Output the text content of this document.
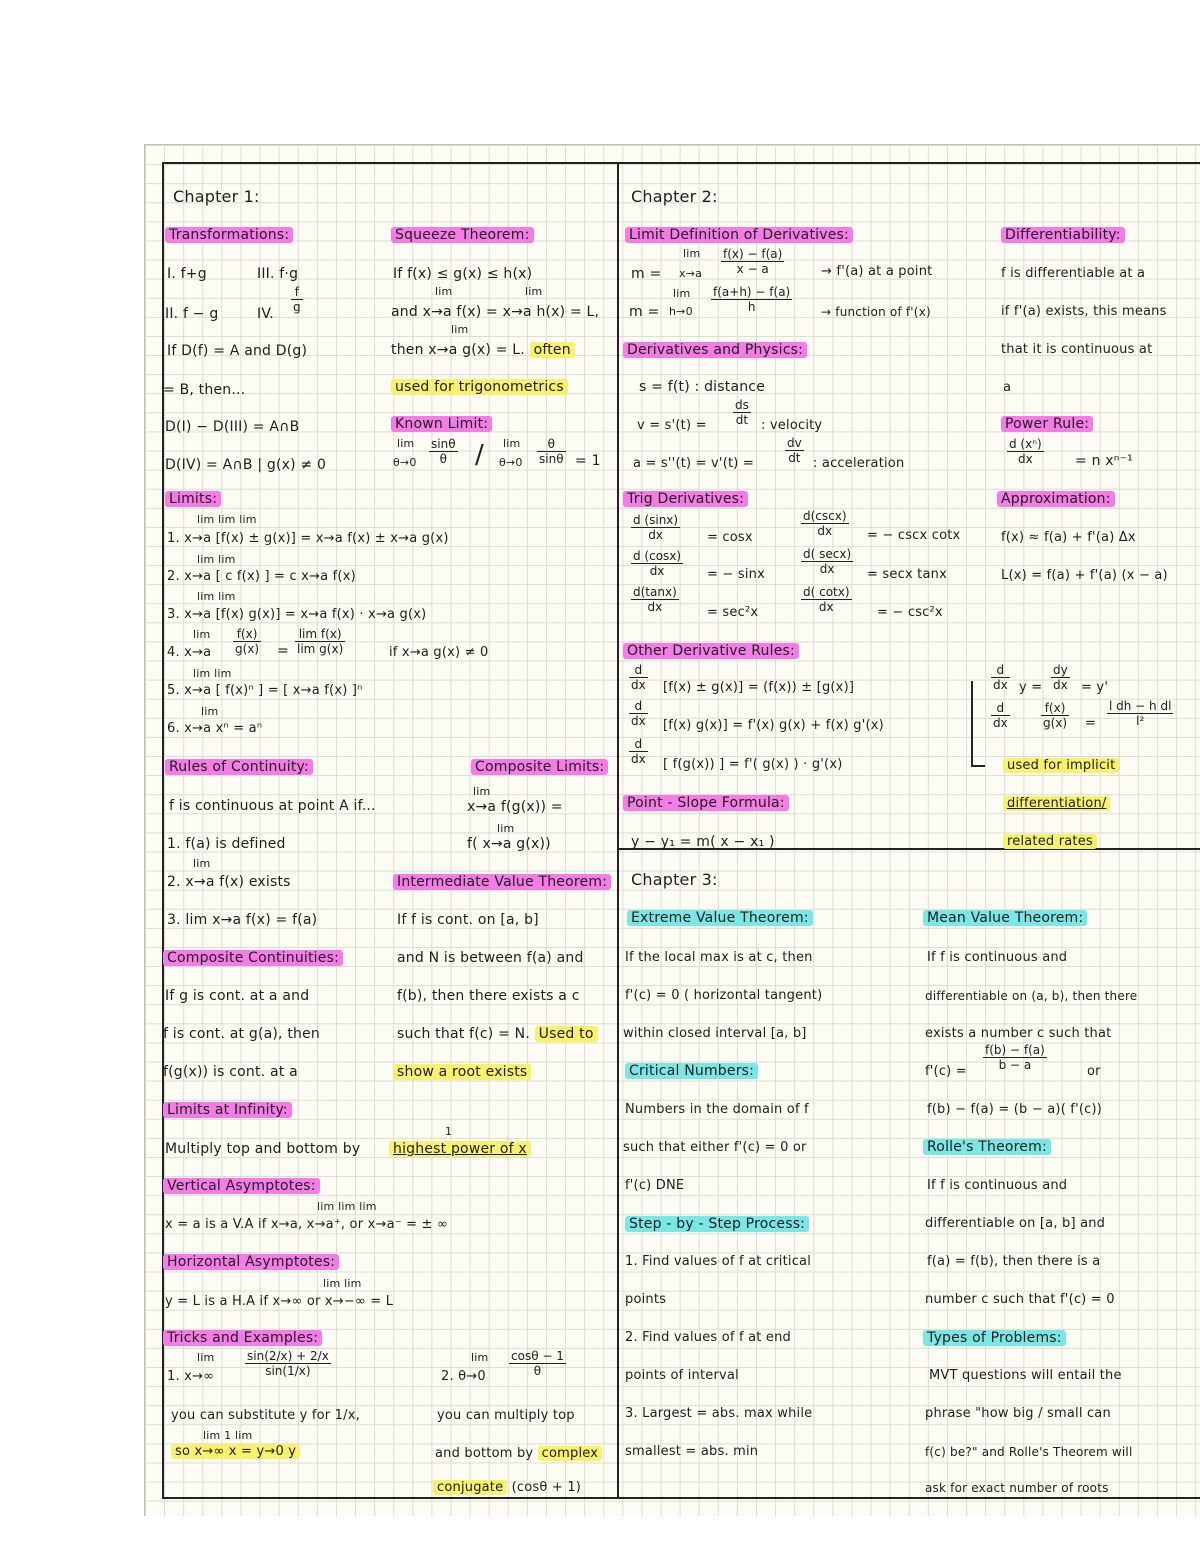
Chapter 1:
Transformations:
I. f+g	III. f·g
II. f − g	IV. $\frac{f}{g}$
If D(f) = A and D(g)
= B, then...
D(I) − D(III) = A∩B
D(IV) = A∩B | g(x) ≠ 0
Squeeze Theorem:
If f(x) ≤ g(x) ≤ h(x)
lim	lim
and x→a f(x) = x→a h(x) = L,
lim
then x→a g(x) = L. often
used for trigonometrics
Known Limit:
lim
$\theta\to 0 \frac{\sin\theta}{\theta} / \lim$
$\theta\to 0 \frac{\theta}{\sin\theta} = 1$
Limits:
lim lim lim
1. x→a [f(x) ± g(x)] = x→a f(x) ± x→a g(x)
lim lim
2. x→a [ c f(x) ] = c x→a f(x)
lim lim
3. x→a [f(x) g(x)] = x→a f(x) · x→a g(x)
lim
4. $x\to a \frac{f(x)}{g(x)} = \frac{\text{lim f(x)}}{\text{lim g(x)}}$	if x→a g(x) ≠ 0
lim lim
5. x→a [ f(x)ⁿ ] = [ x→a f(x) ]ⁿ
lim
6. x→a xⁿ = aⁿ
Rules of Continuity:
f is continuous at point A if...
1. f(a) is defined
lim
2. x→a f(x) exists
3. lim x→a f(x) = f(a)
Composite Limits:
lim
x→a f(g(x)) =
lim
f( x→a g(x))
Intermediate Value Theorem:
If f is cont. on [a, b]
and N is between f(a) and
f(b), then there exists a c
such that f(c) = N. Used to
show a root exists
Composite Continuities:
If g is cont. at a and
f is cont. at g(a), then
f(g(x)) is cont. at a
Limits at Infinity:
Multiply top and bottom by
1
highest power of x
Vertical Asymptotes:
lim lim lim
x = a is a V.A if x→a, x→a⁺, or x→a⁻ = ± ∞
Horizontal Asymptotes:
lim lim
y = L is a H.A if x→∞ or x→−∞ = L
Tricks and Examples:
lim
1. x→∞	$\frac{\sin(2/x) + 2/x}{\sin(1/x)}$	lim
2. $\theta\to 0 \frac{\cos\theta - 1}{\theta}$
you can substitute y for 1/x,
lim 1 lim
so x→∞ x = y→0 y
you can multiply top
and bottom by complex
conjugate (cosθ + 1)
Chapter 2:
Limit Definition of Derivatives:
m =
lim
$x\to a \frac{f(x) - f(a)}{x - a}$	→ f'(a) at a point
m =
lim
$h\to 0 \frac{f(a+h) - f(a)}{h}$ → function of f'(x)
Derivatives and Physics:
s = f(t) : distance
$v = s'(t) = \frac{ds}{dt}$ : velocity
a = s''(t) = v'(t) =	$\frac{dv}{dt}$ : acceleration
Trig Derivatives:
$\frac{d (\sin x)}{dx} = \cos x$
$\frac{d (\cos x)}{dx}$ = − sinx
$\frac{d(\tan x)}{dx} = \sec^2x$
d(cscx)
dx	= − cscx cotx
d( secx)
dx	= secx tanx
$\frac{d( \cot x)}{dx}$ = − csc²x
Other Derivative Rules:
$\frac{d}{dx} [f(x) \pm g(x)] = (f(x)) \pm [g(x)]$
$\frac{d}{dx} [f(x) g(x)] = f'(x) g(x) + f(x)$ g'(x)
$\frac{d}{dx}$ [ f(g(x)) ] = f'( g(x) ) · g'(x)
Point - Slope Formula:
y − y₁ = m( x − x₁ )
Differentiability:
f is differentiable at a
if f'(a) exists, this means
that it is continuous at
a
Power Rule:
$\frac{\text{d (xⁿ)}}{dx} = n$ xⁿ⁻¹
Approximation:
f(x) ≈ f(a) + f'(a) Δx
L(x) = f(a) + f'(a) (x − a)
$\frac{d}{dx}$ $y = \frac{dy}{dx} = y'$
$\frac{d}{dx}$	$\frac{f(x)}{g(x)} = \frac{\text{l dh − h dl}}{\text{l²}}$
used for implicit
differentiation/
related rates
Chapter 3:
Extreme Value Theorem:
If the local max is at c, then
f'(c) = 0 ( horizontal tangent)
within closed interval [a, b]
Critical Numbers:
Numbers in the domain of f
such that either f'(c) = 0 or
f'(c) DNE
Step - by - Step Process:
1. Find values of f at critical
points
2. Find values of f at end
points of interval
3. Largest = abs. max while
smallest = abs. min
Mean Value Theorem:
If f is continuous and
differentiable on (a, b), then there
exists a number c such that
$f'(c) = \frac{f(b) - f(a)}{b - a}$	or
f(b) − f(a) = (b − a)( f'(c))
Rolle's Theorem:
If f is continuous and
differentiable on [a, b] and
f(a) = f(b), then there is a
number c such that f'(c) = 0
Types of Problems:
MVT questions will entail the
phrase "how big / small can
f(c) be?" and Rolle's Theorem will
ask for exact number of roots
